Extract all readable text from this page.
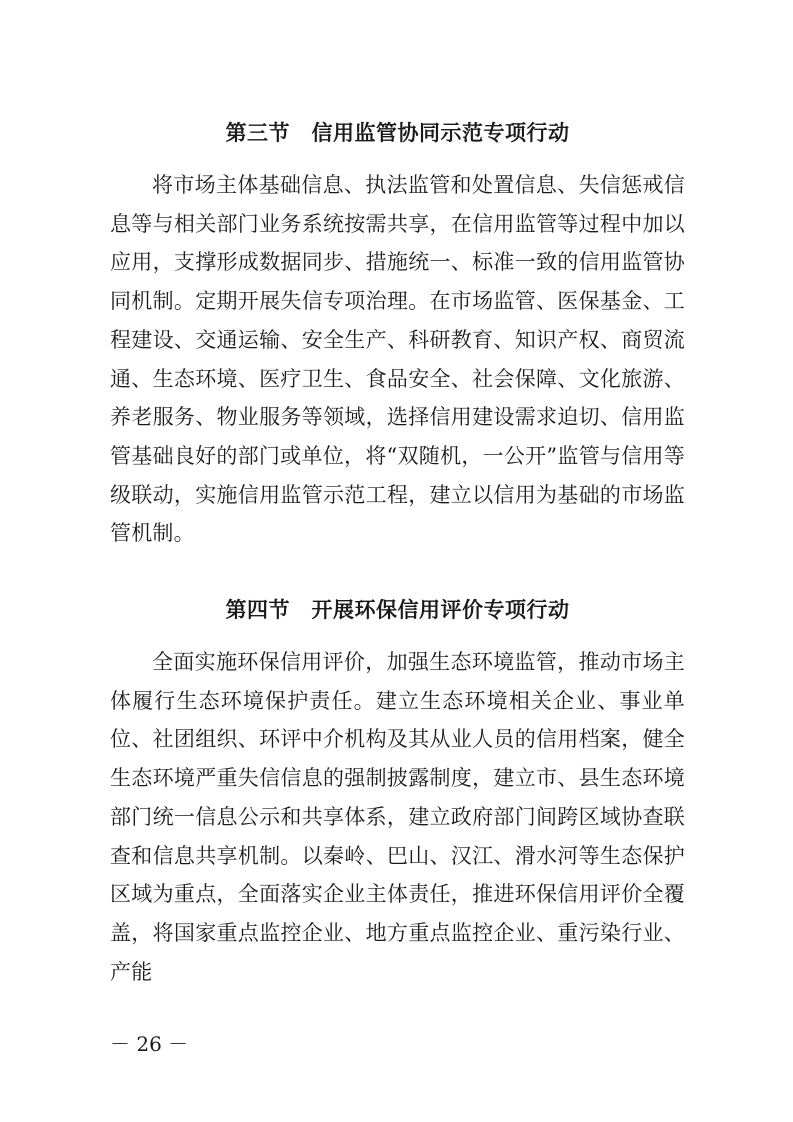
第三节　信用监管协同示范专项行动
将市场主体基础信息、执法监管和处置信息、失信惩戒信息等与相关部门业务系统按需共享，在信用监管等过程中加以应用，支撑形成数据同步、措施统一、标准一致的信用监管协同机制。定期开展失信专项治理。在市场监管、医保基金、工程建设、交通运输、安全生产、科研教育、知识产权、商贸流通、生态环境、医疗卫生、食品安全、社会保障、文化旅游、养老服务、物业服务等领域，选择信用建设需求迫切、信用监管基础良好的部门或单位，将“双随机，一公开”监管与信用等级联动，实施信用监管示范工程，建立以信用为基础的市场监管机制。
第四节　开展环保信用评价专项行动
全面实施环保信用评价，加强生态环境监管，推动市场主体履行生态环境保护责任。建立生态环境相关企业、事业单位、社团组织、环评中介机构及其从业人员的信用档案，健全生态环境严重失信信息的强制披露制度，建立市、县生态环境部门统一信息公示和共享体系，建立政府部门间跨区域协查联查和信息共享机制。以秦岭、巴山、汉江、滑水河等生态保护区域为重点，全面落实企业主体责任，推进环保信用评价全覆盖，将国家重点监控企业、地方重点监控企业、重污染行业、产能
－ 26 －
